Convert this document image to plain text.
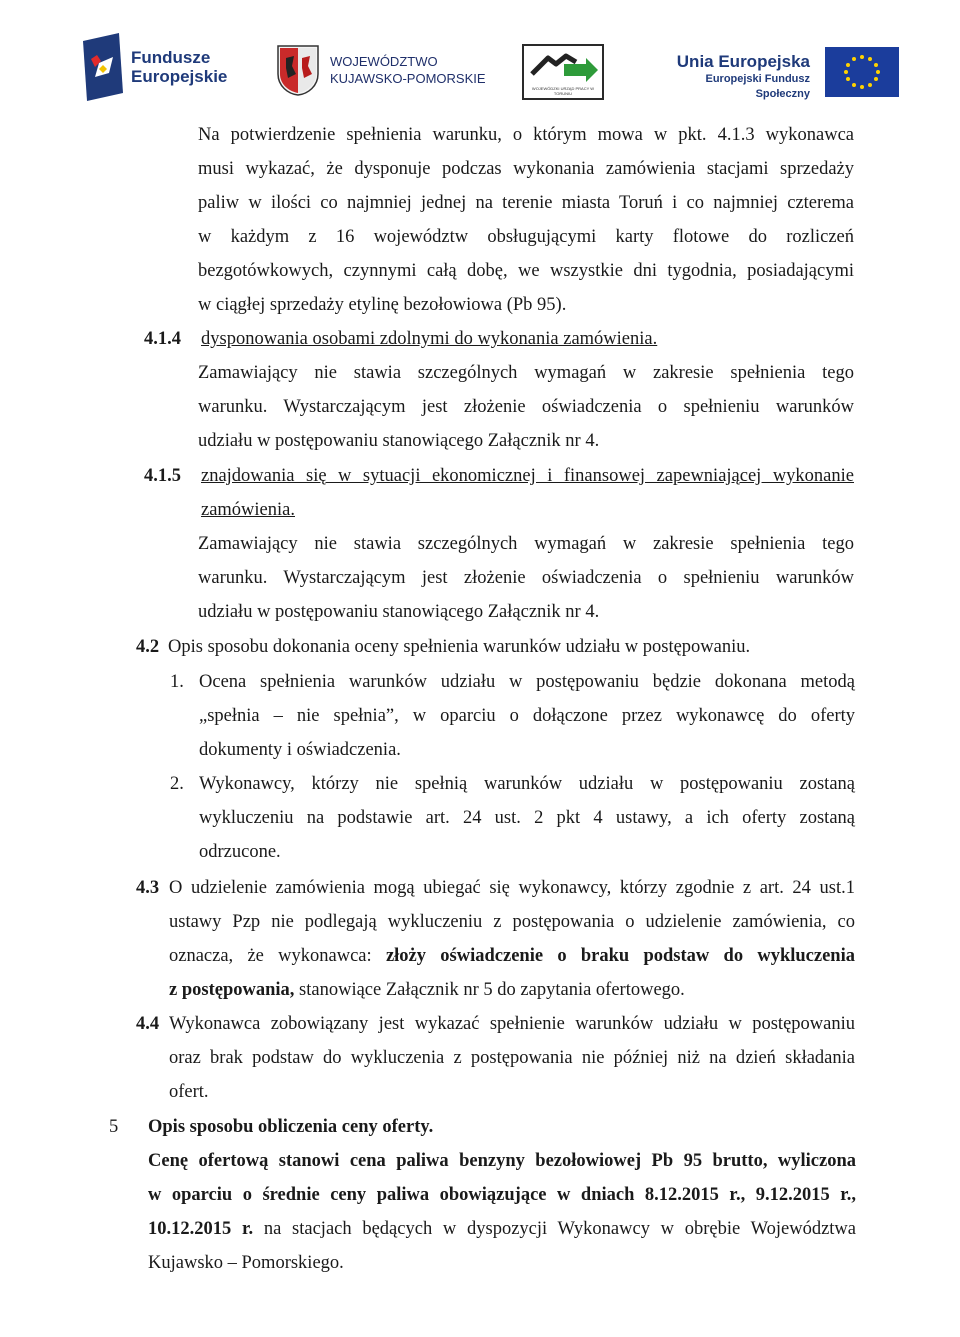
Fundusze
Europejskie
WOJEWÓDZTWO
KUJAWSKO-POMORSKIE
WOJEWÓDZKI URZĄD PRACY W TORUNIU
Unia Europejska
Europejski Fundusz Społeczny
Na potwierdzenie spełnienia warunku, o którym mowa w pkt. 4.1.3 wykonawca
musi wykazać, że dysponuje podczas wykonania zamówienia stacjami sprzedaży
paliw w ilości co najmniej jednej na terenie miasta Toruń i co najmniej czterema
w każdym z 16 województw obsługującymi karty flotowe do rozliczeń
bezgotówkowych, czynnymi całą dobę, we wszystkie dni tygodnia, posiadającymi
w ciągłej sprzedaży etylinę bezołowiowa (Pb 95).
4.1.4 dysponowania osobami zdolnymi do wykonania zamówienia.
Zamawiający nie stawia szczególnych wymagań w zakresie spełnienia tego
warunku. Wystarczającym jest złożenie oświadczenia o spełnieniu warunków
udziału w postępowaniu stanowiącego Załącznik nr 4.
4.1.5 znajdowania się w sytuacji ekonomicznej i finansowej zapewniającej wykonanie
zamówienia.
Zamawiający nie stawia szczególnych wymagań w zakresie spełnienia tego
warunku. Wystarczającym jest złożenie oświadczenia o spełnieniu warunków
udziału w postępowaniu stanowiącego Załącznik nr 4.
4.2 Opis sposobu dokonania oceny spełnienia warunków udziału w postępowaniu.
1. Ocena spełnienia warunków udziału w postępowaniu będzie dokonana metodą
„spełnia – nie spełnia”, w oparciu o dołączone przez wykonawcę do oferty
dokumenty i oświadczenia.
2. Wykonawcy, którzy nie spełnią warunków udziału w postępowaniu zostaną
wykluczeniu na podstawie art. 24 ust. 2 pkt 4 ustawy, a ich oferty zostaną
odrzucone.
4.3 O udzielenie zamówienia mogą ubiegać się wykonawcy, którzy zgodnie z art. 24 ust.1
ustawy Pzp nie podlegają wykluczeniu z postępowania o udzielenie zamówienia, co
oznacza, że wykonawca: złoży oświadczenie o braku podstaw do wykluczenia
z postępowania, stanowiące Załącznik nr 5 do zapytania ofertowego.
4.4 Wykonawca zobowiązany jest wykazać spełnienie warunków udziału w postępowaniu
oraz brak podstaw do wykluczenia z postępowania nie później niż na dzień składania
ofert.
5 Opis sposobu obliczenia ceny oferty.
Cenę ofertową stanowi cena paliwa benzyny bezołowiowej Pb 95 brutto, wyliczona
w oparciu o średnie ceny paliwa obowiązujące w dniach 8.12.2015 r., 9.12.2015 r.,
10.12.2015 r. na stacjach będących w dyspozycji Wykonawcy w obrębie Województwa
Kujawsko – Pomorskiego.
